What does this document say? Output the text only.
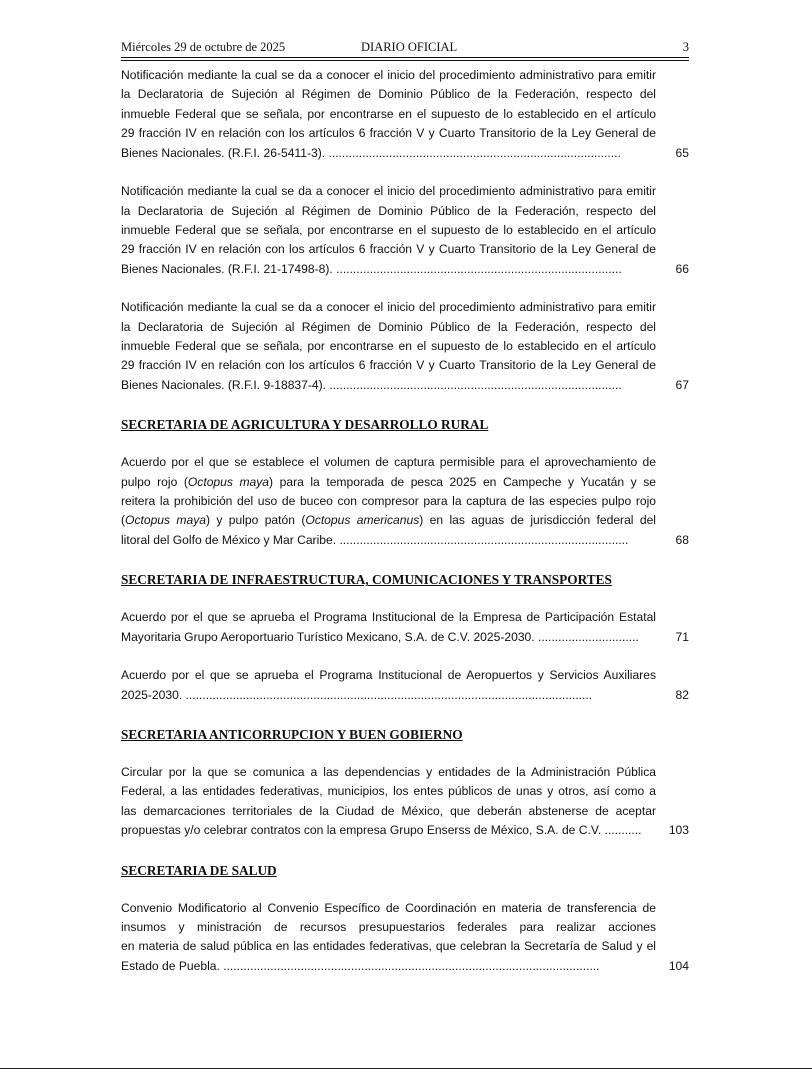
Miércoles 29 de octubre de 2025	DIARIO OFICIAL	3
Notificación mediante la cual se da a conocer el inicio del procedimiento administrativo para emitir
la Declaratoria de Sujeción al Régimen de Dominio Público de la Federación, respecto del
inmueble Federal que se señala, por encontrarse en el supuesto de lo establecido en el artículo
29 fracción IV en relación con los artículos 6 fracción V y Cuarto Transitorio de la Ley General de
Bienes Nacionales. (R.F.I. 26-5411-3). .......................................................................................	65
Notificación mediante la cual se da a conocer el inicio del procedimiento administrativo para emitir
la Declaratoria de Sujeción al Régimen de Dominio Público de la Federación, respecto del
inmueble Federal que se señala, por encontrarse en el supuesto de lo establecido en el artículo
29 fracción IV en relación con los artículos 6 fracción V y Cuarto Transitorio de la Ley General de
Bienes Nacionales. (R.F.I. 21-17498-8). .....................................................................................	66
Notificación mediante la cual se da a conocer el inicio del procedimiento administrativo para emitir
la Declaratoria de Sujeción al Régimen de Dominio Público de la Federación, respecto del
inmueble Federal que se señala, por encontrarse en el supuesto de lo establecido en el artículo
29 fracción IV en relación con los artículos 6 fracción V y Cuarto Transitorio de la Ley General de
Bienes Nacionales. (R.F.I. 9-18837-4). .......................................................................................	67
SECRETARIA DE AGRICULTURA Y DESARROLLO RURAL
Acuerdo por el que se establece el volumen de captura permisible para el aprovechamiento de
pulpo rojo (Octopus maya) para la temporada de pesca 2025 en Campeche y Yucatán y se
reitera la prohibición del uso de buceo con compresor para la captura de las especies pulpo rojo
(Octopus maya) y pulpo patón (Octopus americanus) en las aguas de jurisdicción federal del
litoral del Golfo de México y Mar Caribe. ......................................................................................	68
SECRETARIA DE INFRAESTRUCTURA, COMUNICACIONES Y TRANSPORTES
Acuerdo por el que se aprueba el Programa Institucional de la Empresa de Participación Estatal
Mayoritaria Grupo Aeroportuario Turístico Mexicano, S.A. de C.V. 2025-2030. ..............................	71
Acuerdo por el que se aprueba el Programa Institucional de Aeropuertos y Servicios Auxiliares
2025-2030. .........................................................................................................................	82
SECRETARIA ANTICORRUPCION Y BUEN GOBIERNO
Circular por la que se comunica a las dependencias y entidades de la Administración Pública
Federal, a las entidades federativas, municipios, los entes públicos de unas y otros, así como a
las demarcaciones territoriales de la Ciudad de México, que deberán abstenerse de aceptar
propuestas y/o celebrar contratos con la empresa Grupo Enserss de México, S.A. de C.V. ...........	103
SECRETARIA DE SALUD
Convenio Modificatorio al Convenio Específico de Coordinación en materia de transferencia de
insumos y ministración de recursos presupuestarios federales para realizar acciones
en materia de salud pública en las entidades federativas, que celebran la Secretaría de Salud y el
Estado de Puebla. ................................................................................................................	104
